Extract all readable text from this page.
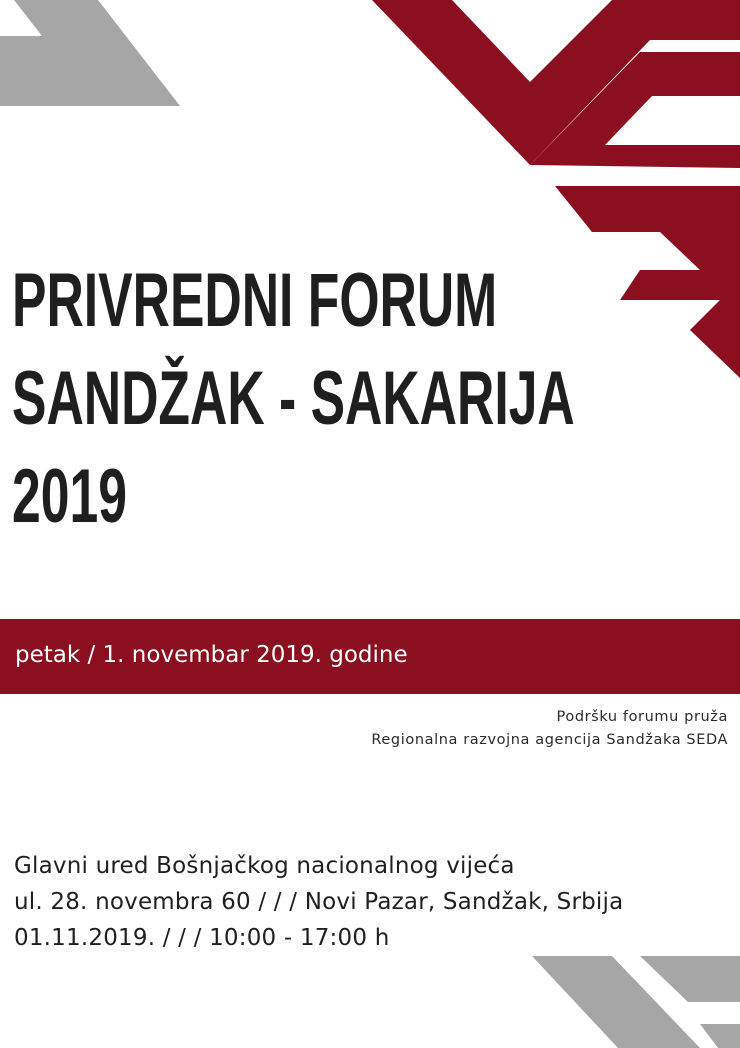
PRIVREDNI FORUM
SANDŽAK - SAKARIJA
2019
petak / 1. novembar 2019. godine
Podršku forumu pruža
Regionalna razvojna agencija Sandžaka SEDA
Glavni ured Bošnjačkog nacionalnog vijeća
ul. 28. novembra 60 / / / Novi Pazar, Sandžak, Srbija
01.11.2019. / / / 10:00 - 17:00 h
